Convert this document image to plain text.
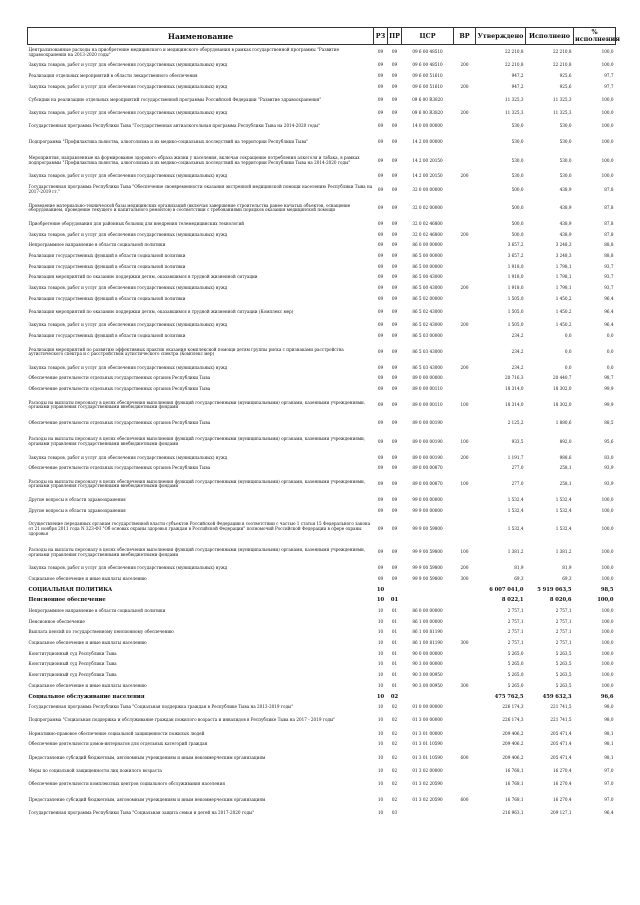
Наименование	РЗ	ПР	ЦСР	ВР	Утверждено	Исполнено	% исполнения
Централизованные расходы на приобретение медицинского и медицинского оборудования в рамках государственной программы "Развитие здравоохранения на 2013-2020 годы"	09	09	09 6 00 48510		22 210,8	22 210,8	100,0
Закупка товаров, работ и услуг для обеспечения государственных (муниципальных) нужд	09	09	09 6 00 48510	200	22 210,8	22 210,8	100,0
Реализация отдельных мероприятий в области лекарственного обеспечения	09	09	09 6 00 51610		947,2	925,6	97,7
Закупка товаров, работ и услуг для обеспечения государственных (муниципальных) нужд	09	09	09 6 00 51610	200	947,2	925,6	97,7
Субсидии на реализацию отдельных мероприятий государственной программы Российской Федерации "Развитие здравоохранения"	09	09	09 6 00 R3820		11 325,3	11 325,3	100,0
Закупка товаров, работ и услуг для обеспечения государственных (муниципальных) нужд	09	09	09 6 00 R3820	200	11 325,3	11 325,3	100,0
Государственная программа Республики Тыва "Государственная антиалкогольная программа Республики Тыва на 2014-2020 годы"	09	09	14 0 00 00000		530,0	530,0	100,0
Подпрограмма "Профилактика пьянства, алкоголизма и их медико-социальных последствий на территории Республики Тыва"	09	09	14 2 00 00000		530,0	530,0	100,0
Мероприятия, направленные на формирование здорового образа жизни у населения, включая сокращение потребления алкоголя и табака, в рамках подпрограммы "Профилактика пьянства, алкоголизма и их медико-социальных последствий на территории Республики Тыва на 2014-2020 годы"	09	09	14 2 00 20150		530,0	530,0	100,0
Закупка товаров, работ и услуг для обеспечения государственных (муниципальных) нужд	09	09	14 2 00 20150	200	530,0	530,0	100,0
Государственная программа Республики Тыва "Обеспечение своевременности оказания экстренной медицинской помощи населению Республики Тыва на 2017-2019 гг."	09	09	32 0 00 00000		500,0	438,9	87,8
Проведение материально-технической базы медицинских организаций (включая завершение строительства ранее начатых объектов, оснащение оборудованием, проведение текущего и капитального ремонтов) в соответствии с требованиями порядков оказания медицинской помощи	09	09	32 0 02 00000		500,0	438,9	87,8
Приобретение оборудования для районных больниц для внедрения телемедицинских технологий	09	09	32 0 02 46800		500,0	438,9	87,8
Закупка товаров, работ и услуг для обеспечения государственных (муниципальных) нужд	09	09	32 0 02 46800	200	500,0	438,9	87,8
Непрограммное направление в области социальной политики	09	09	86 0 00 00000		3 657,2	3 248,3	88,8
Реализация государственных функций в области социальной политики	09	09	86 5 00 00000		3 657,2	3 248,3	88,8
Реализация государственных функций в области социальной политики	09	09	86 5 00 00000		1 918,0	1 798,1	93,7
Реализация мероприятий по оказанию поддержки детям, оказавшимся в трудной жизненной ситуации	09	09	86 5 00 43000		1 918,0	1 798,1	93,7
Закупка товаров, работ и услуг для обеспечения государственных (муниципальных) нужд	09	09	86 5 00 43000	200	1 918,0	1 798,1	93,7
Реализация государственных функций в области социальной политики	09	09	86 5 02 00000		1 505,0	1 450,2	96,4
Реализация мероприятий по оказанию поддержки детям, оказавшимся в трудной жизненной ситуации (Комплекс мер)	09	09	86 5 02 43000		1 505,0	1 450,2	96,4
Закупка товаров, работ и услуг для обеспечения государственных (муниципальных) нужд	09	09	86 5 02 43000	200	1 505,0	1 450,2	96,4
Реализация государственных функций в области социальной политики	09	09	86 5 03 00000		234,2	0,0	0,0
Реализация мероприятий по развитию эффективных практик оказания комплексной помощи детям группы риска с признаками расстройства аутистического спектра и с расстройством аутистического спектра (Комплекс мер)	09	09	86 5 03 43000		234,2	0,0	0,0
Закупка товаров, работ и услуг для обеспечения государственных (муниципальных) нужд	09	09	86 5 03 43000	200	234,2	0,0	0,0
Обеспечение деятельности отдельных государственных органов Республики Тыва	09	09	89 0 00 00000		20 716,3	20 440,7	98,7
Обеспечение деятельности отдельных государственных органов Республики Тыва	09	09	89 0 00 00110		18 314,0	18 302,0	99,9
Расходы на выплаты персоналу в целях обеспечения выполнения функций государственными (муниципальными) органами, казенными учреждениями, органами управления государственными внебюджетными фондами	09	09	89 0 00 00110	100	18 314,0	18 302,0	99,9
Обеспечение деятельности отдельных государственных органов Республики Тыва	09	09	89 0 00 00190		2 125,2	1 880,6	88,5
Расходы на выплаты персоналу в целях обеспечения выполнения функций государственными (муниципальными) органами, казенными учреждениями, органами управления государственными внебюджетными фондами	09	09	89 0 00 00190	100	933,5	892,0	95,6
Закупка товаров, работ и услуг для обеспечения государственных (муниципальных) нужд	09	09	89 0 00 00190	200	1 191,7	988,6	83,0
Обеспечение деятельности отдельных государственных органов Республики Тыва	09	09	89 0 00 00870		277,0	258,1	93,9
Расходы на выплаты персоналу в целях обеспечения выполнения функций государственными (муниципальными) органами, казенными учреждениями, органами управления государственными внебюджетными фондами	09	09	89 0 00 00870	100	277,0	258,1	93,9
Другие вопросы в области здравоохранения	09	09	99 0 00 00000		1 532,4	1 532,4	100,0
Другие вопросы в области здравоохранения	09	09	99 9 00 00000		1 532,4	1 532,4	100,0
Осуществление переданных органам государственной власти субъектов Российской Федерации в соответствии с частью 1 статьи 15 Федерального закона от 21 ноября 2011 года N 323-ФЗ "Об основах охраны здоровья граждан в Российской Федерации" полномочий Российской Федерации в сфере охраны здоровья	09	09	99 9 00 59800		1 532,4	1 532,4	100,0
Расходы на выплаты персоналу в целях обеспечения выполнения функций государственными (муниципальными) органами, казенными учреждениями, органами управления государственными внебюджетными фондами	09	09	99 9 00 59800	100	1 381,2	1 381,2	100,0
Закупка товаров, работ и услуг для обеспечения государственных (муниципальных) нужд	09	09	99 9 00 59800	200	81,9	81,9	100,0
Социальное обеспечение и иные выплаты населению	09	09	99 9 00 59800	300	69,3	69,3	100,0
СОЦИАЛЬНАЯ ПОЛИТИКА	10				6 007 041,0	5 919 063,5	98,5
Пенсионное обеспечение	10	01			8 022,1	8 020,6	100,0
Непрограммное направление в области социальной политики	10	01	86 0 00 00000		2 757,1	2 757,1	100,0
Пенсионное обеспечение	10	01	86 1 00 00000		2 757,1	2 757,1	100,0
Выплата пенсий по государственному пенсионному обеспечению	10	01	86 1 00 81190		2 757,1	2 757,1	100,0
Социальное обеспечение и иные выплаты населению	10	01	86 1 00 81190	300	2 757,1	2 757,1	100,0
Конституционный суд Республики Тыва	10	01	90 0 00 00000		5 265,0	5 263,5	100,0
Конституционный суд Республики Тыва	10	01	90 3 00 00000		5 265,0	5 263,5	100,0
Конституционный суд Республики Тыва	10	01	90 3 00 00950		5 265,0	5 263,5	100,0
Социальное обеспечение и иные выплаты населению	10	01	90 3 00 00950	300	5 265,0	5 263,5	100,0
Социальное обслуживание населения	10	02			475 762,5	459 632,3	96,6
Государственная программа Республики Тыва "Социальная поддержка граждан в Республике Тыва на 2013-2019 годы"	10	02	01 0 00 00000		226 174,3	221 741,5	98,0
Подпрограмма "Социальная поддержка и обслуживание граждан пожилого возраста и инвалидов в Республике Тыва на 2017 - 2019 годы"	10	02	01 3 00 00000		226 174,3	221 741,5	98,0
Нормативно-правовое обеспечение социальной защищенности пожилых людей	10	02	01 3 01 00000		209 406,2	205 471,4	98,1
Обеспечение деятельности домов-интернатов для отдельных категорий граждан	10	02	01 3 01 10590		209 406,2	205 471,4	98,1
Предоставление субсидий бюджетным, автономным учреждениям и иным некоммерческим организациям	10	02	01 3 01 10590	600	209 406,2	205 471,4	98,1
Меры по социальной защищенности лиц пожилого возраста	10	02	01 3 02 00000		16 768,1	16 270,4	97,0
Обеспечение деятельности комплексных центров социального обслуживания населения	10	02	01 3 02 20590		16 768,1	16 270,4	97,0
Предоставление субсидий бюджетным, автономным учреждениям и иным некоммерческим организациям	10	02	01 3 02 20590	600	16 768,1	16 270,4	97,0
Государственная программа Республики Тыва "Социальная защита семьи и детей на 2017-2020 годы"	10	03			216 963,1	209 127,1	96,4
